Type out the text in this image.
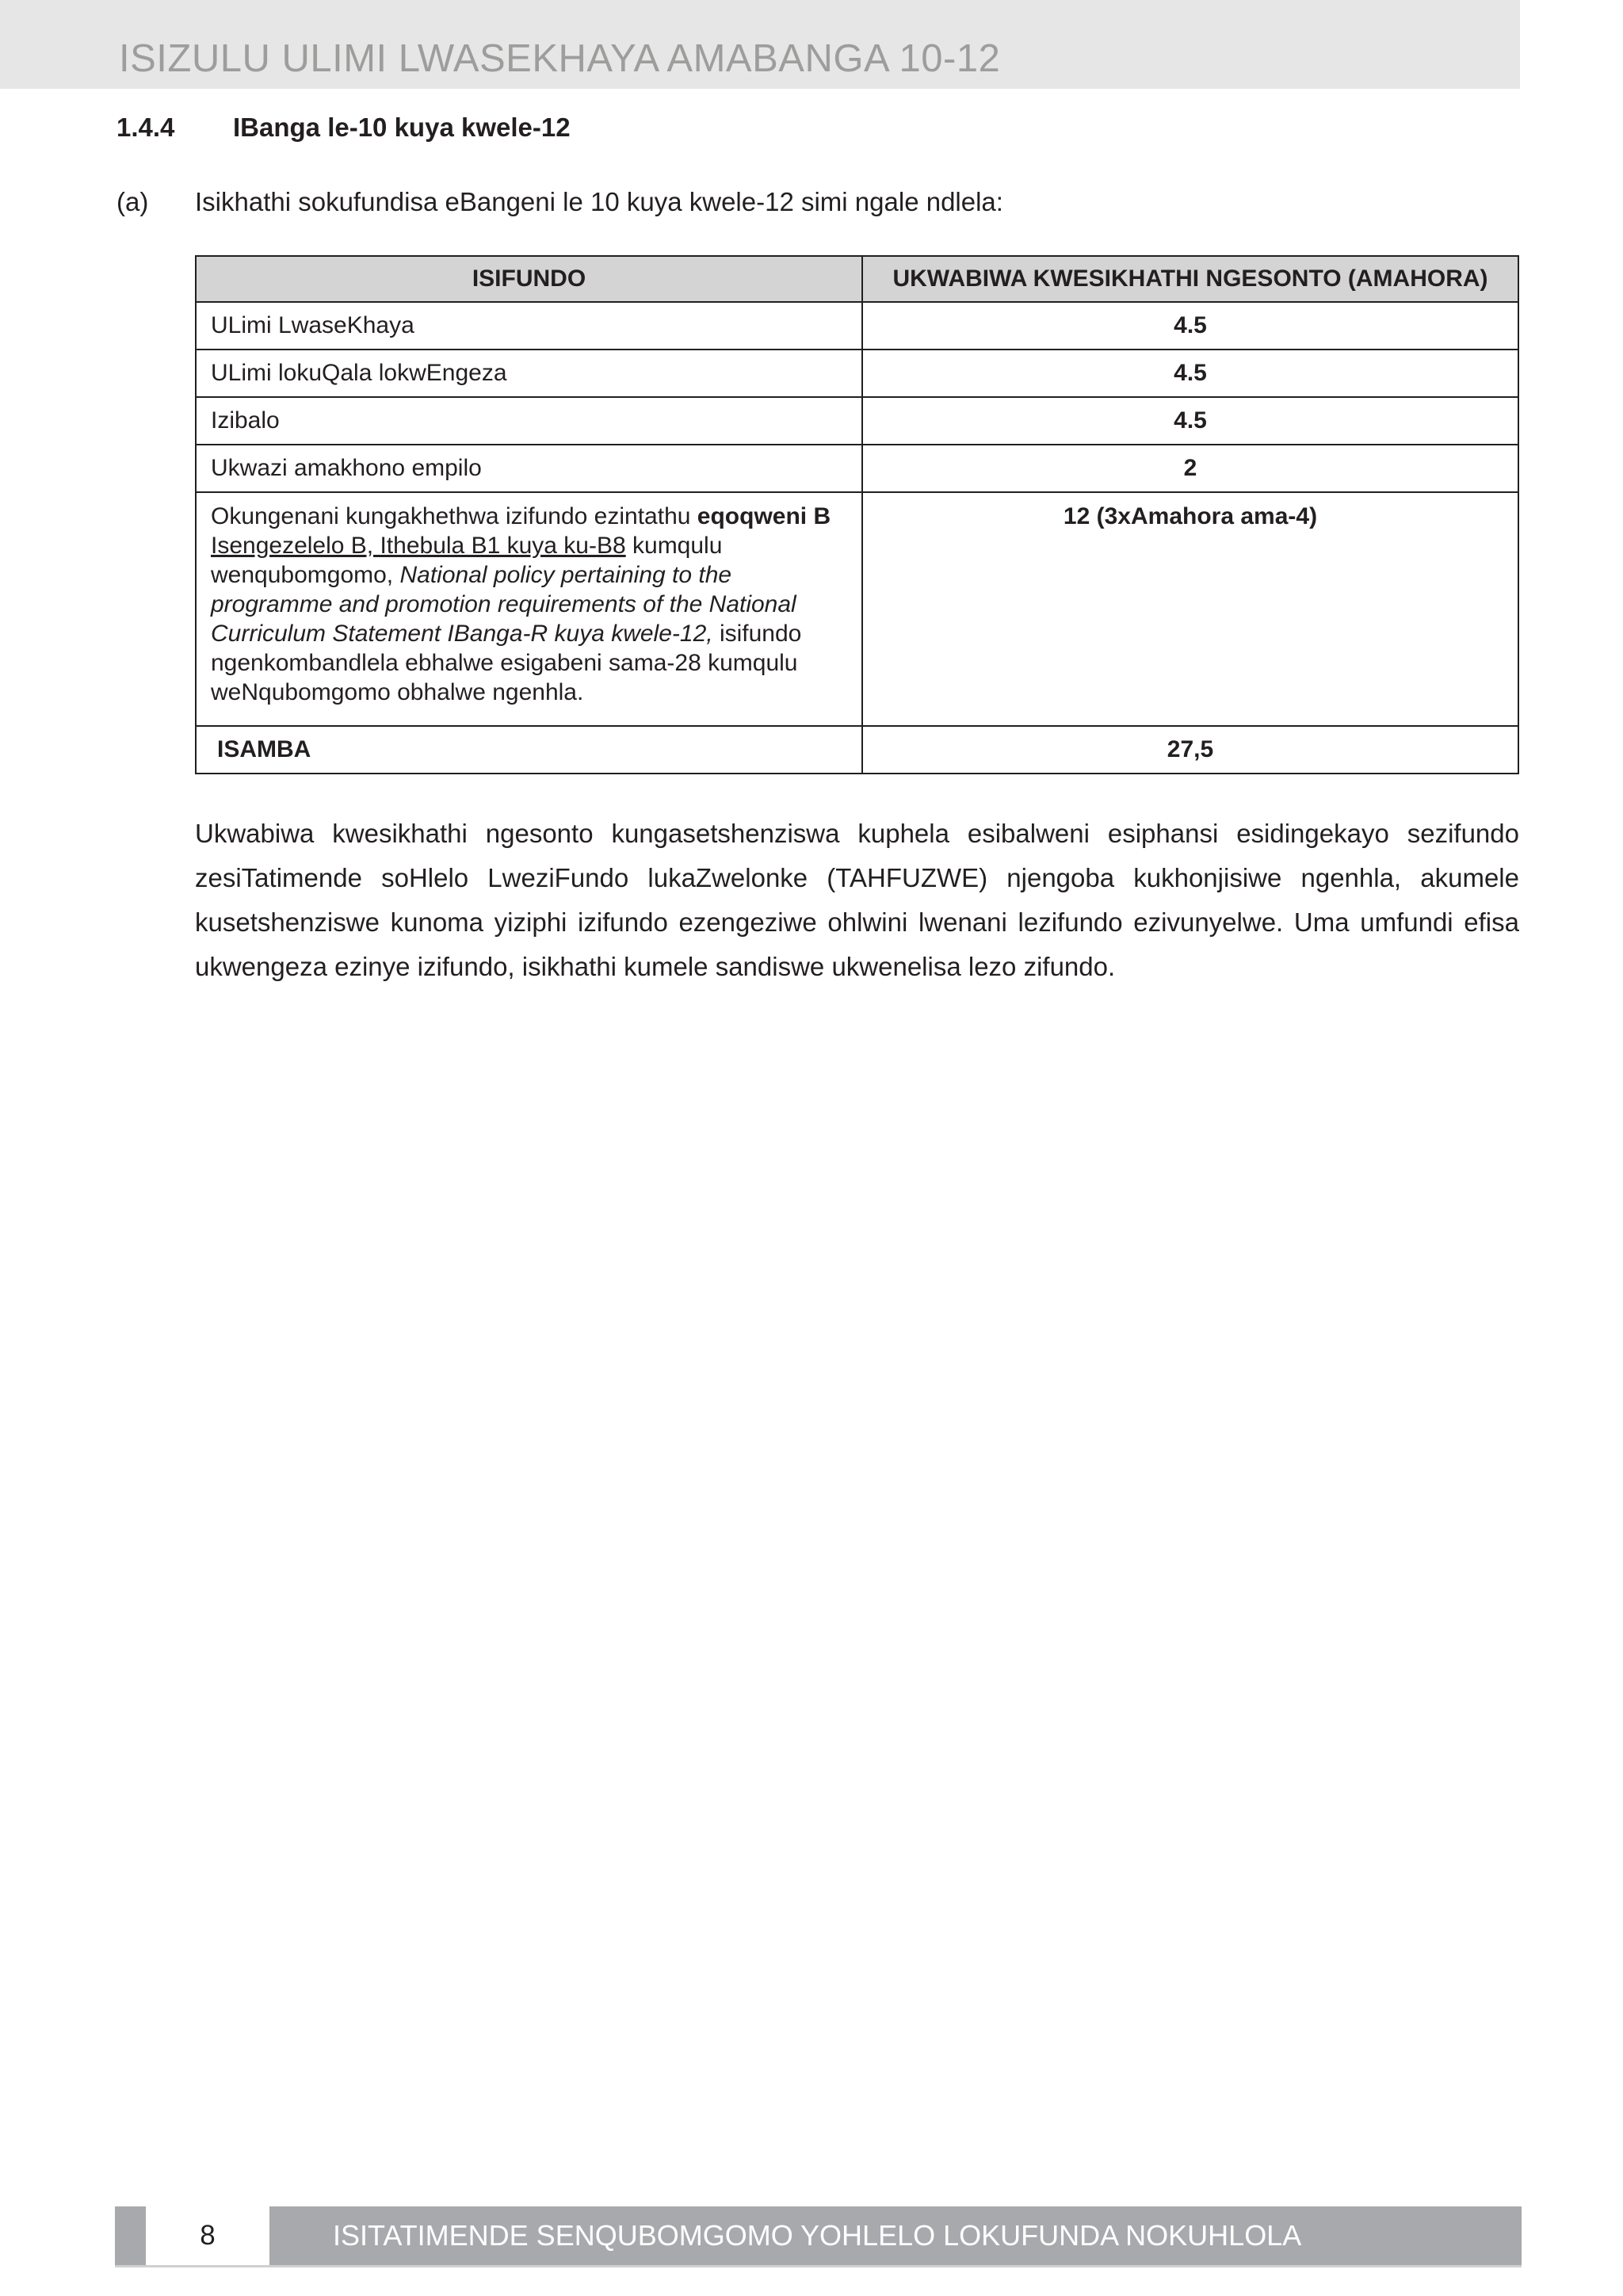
ISIZULU ULIMI LWASEKHAYA AMABANGA 10-12
1.4.4 IBanga le-10 kuya kwele-12
(a) Isikhathi sokufundisa eBangeni le 10 kuya kwele-12 simi ngale ndlela:
ISIFUNDO	UKWABIWA KWESIKHATHI NGESONTO (AMAHORA)
ULimi LwaseKhaya	4.5
ULimi lokuQala lokwEngeza	4.5
Izibalo	4.5
Ukwazi amakhono empilo	2
Okungenani kungakhethwa izifundo ezintathu eqoqweni B Isengezelelo B, Ithebula B1 kuya ku-B8 kumqulu wenqubomgomo, National policy pertaining to the programme and promotion requirements of the National Curriculum Statement IBanga-R kuya kwele-12, isifundo ngenkombandlela ebhalwe esigabeni sama-28 kumqulu weNqubomgomo obhalwe ngenhla.	12 (3xAmahora ama-4)
ISAMBA	27,5

Ukwabiwa kwesikhathi ngesonto kungasetshenziswa kuphela esibalweni esiphansi esidingekayo sezifundo zesiTatimende soHlelo LweziFundo lukaZwelonke (TAHFUZWE) njengoba kukhonjisiwe ngenhla, akumele kusetshenziswe kunoma yiziphi izifundo ezengeziwe ohlwini lwenani lezifundo ezivunyelwe. Uma umfundi efisa ukwengeza ezinye izifundo, isikhathi kumele sandiswe ukwenelisa lezo zifundo.

8	ISITATIMENDE SENQUBOMGOMO YOHLELO LOKUFUNDA NOKUHLOLA
